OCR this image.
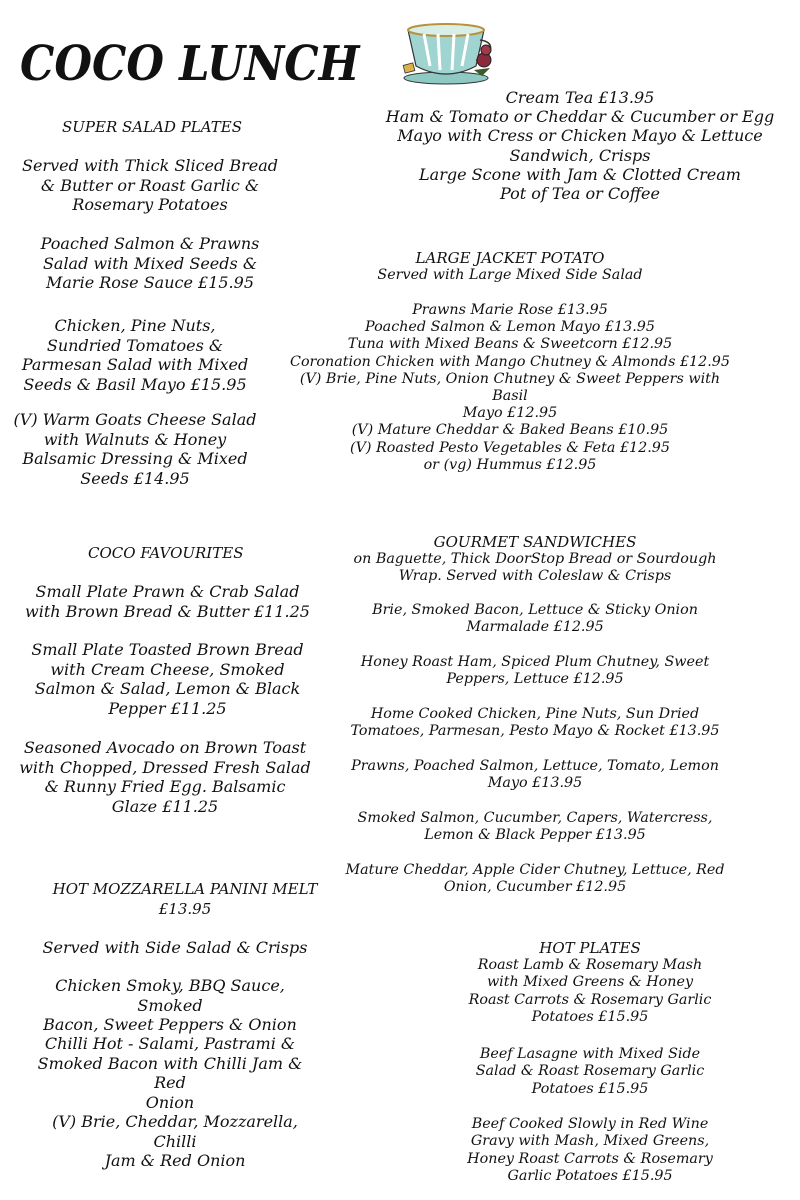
COCO LUNCH
SUPER SALAD PLATES
Served with Thick Sliced Bread
& Butter or Roast Garlic &
Rosemary Potatoes
Poached Salmon & Prawns
Salad with Mixed Seeds &
Marie Rose Sauce £15.95
Chicken, Pine Nuts,
Sundried Tomatoes &
Parmesan Salad with Mixed
Seeds & Basil Mayo £15.95
(V) Warm Goats Cheese Salad
with Walnuts & Honey
Balsamic Dressing & Mixed
Seeds £14.95
COCO FAVOURITES
Small Plate Prawn & Crab Salad
with Brown Bread & Butter £11.25
Small Plate Toasted Brown Bread
with Cream Cheese, Smoked
Salmon & Salad, Lemon & Black
Pepper £11.25
Seasoned Avocado on Brown Toast
with Chopped, Dressed Fresh Salad
& Runny Fried Egg. Balsamic
Glaze £11.25
HOT MOZZARELLA PANINI MELT
£13.95
Served with Side Salad & Crisps
Chicken Smoky, BBQ Sauce, Smoked
Bacon, Sweet Peppers & Onion
Chilli Hot - Salami, Pastrami &
Smoked Bacon with Chilli Jam & Red
Onion
(V) Brie, Cheddar, Mozzarella, Chilli
Jam & Red Onion
Cream Tea £13.95
Ham & Tomato or Cheddar & Cucumber or Egg
Mayo with Cress or Chicken Mayo & Lettuce
Sandwich, Crisps
Large Scone with Jam & Clotted Cream
Pot of Tea or Coffee
LARGE JACKET POTATO
Served with Large Mixed Side Salad
Prawns Marie Rose £13.95
Poached Salmon & Lemon Mayo £13.95
Tuna with Mixed Beans & Sweetcorn £12.95
Coronation Chicken with Mango Chutney & Almonds £12.95
(V) Brie, Pine Nuts, Onion Chutney & Sweet Peppers with Basil
Mayo £12.95
(V) Mature Cheddar & Baked Beans £10.95
(V) Roasted Pesto Vegetables & Feta £12.95
or (vg) Hummus £12.95
GOURMET SANDWICHES
on Baguette, Thick DoorStop Bread or Sourdough
Wrap. Served with Coleslaw & Crisps
Brie, Smoked Bacon, Lettuce & Sticky Onion
Marmalade £12.95
Honey Roast Ham, Spiced Plum Chutney, Sweet
Peppers, Lettuce £12.95
Home Cooked Chicken, Pine Nuts, Sun Dried
Tomatoes, Parmesan, Pesto Mayo & Rocket £13.95
Prawns, Poached Salmon, Lettuce, Tomato, Lemon
Mayo £13.95
Smoked Salmon, Cucumber, Capers, Watercress,
Lemon & Black Pepper £13.95
Mature Cheddar, Apple Cider Chutney, Lettuce, Red
Onion, Cucumber £12.95
HOT PLATES
Roast Lamb & Rosemary Mash
with Mixed Greens & Honey
Roast Carrots & Rosemary Garlic
Potatoes £15.95
Beef Lasagne with Mixed Side
Salad & Roast Rosemary Garlic
Potatoes £15.95
Beef Cooked Slowly in Red Wine
Gravy with Mash, Mixed Greens,
Honey Roast Carrots & Rosemary
Garlic Potatoes £15.95
